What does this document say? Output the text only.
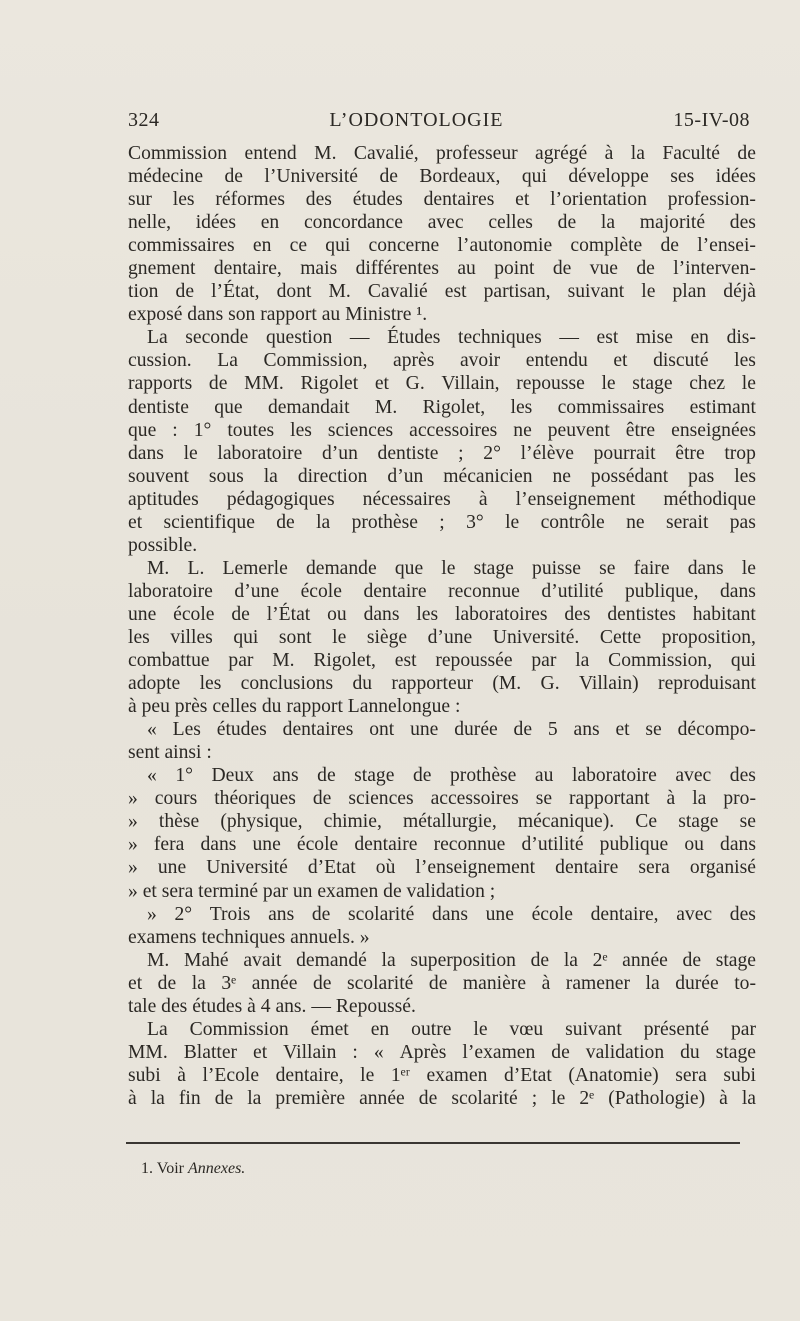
324	L’ODONTOLOGIE	15-IV-08
Commission entend M. Cavalié, professeur agrégé à la Faculté de
médecine de l’Université de Bordeaux, qui développe ses idées
sur les réformes des études dentaires et l’orientation profession-
nelle, idées en concordance avec celles de la majorité des
commissaires en ce qui concerne l’autonomie complète de l’ensei-
gnement dentaire, mais différentes au point de vue de l’interven-
tion de l’État, dont M. Cavalié est partisan, suivant le plan déjà
exposé dans son rapport au Ministre ¹.
La seconde question — Études techniques — est mise en dis-
cussion. La Commission, après avoir entendu et discuté les
rapports de MM. Rigolet et G. Villain, repousse le stage chez le
dentiste que demandait M. Rigolet, les commissaires estimant
que : 1° toutes les sciences accessoires ne peuvent être enseignées
dans le laboratoire d’un dentiste ; 2° l’élève pourrait être trop
souvent sous la direction d’un mécanicien ne possédant pas les
aptitudes pédagogiques nécessaires à l’enseignement méthodique
et scientifique de la prothèse ; 3° le contrôle ne serait pas
possible.
M. L. Lemerle demande que le stage puisse se faire dans le
laboratoire d’une école dentaire reconnue d’utilité publique, dans
une école de l’État ou dans les laboratoires des dentistes habitant
les villes qui sont le siège d’une Université. Cette proposition,
combattue par M. Rigolet, est repoussée par la Commission, qui
adopte les conclusions du rapporteur (M. G. Villain) reproduisant
à peu près celles du rapport Lannelongue :
« Les études dentaires ont une durée de 5 ans et se décompo-
sent ainsi :
« 1° Deux ans de stage de prothèse au laboratoire avec des
» cours théoriques de sciences accessoires se rapportant à la pro-
» thèse (physique, chimie, métallurgie, mécanique). Ce stage se
» fera dans une école dentaire reconnue d’utilité publique ou dans
» une Université d’Etat où l’enseignement dentaire sera organisé
» et sera terminé par un examen de validation ;
» 2° Trois ans de scolarité dans une école dentaire, avec des
examens techniques annuels. »
M. Mahé avait demandé la superposition de la 2ᵉ année de stage
et de la 3ᵉ année de scolarité de manière à ramener la durée to-
tale des études à 4 ans. — Repoussé.
La Commission émet en outre le vœu suivant présenté par
MM. Blatter et Villain : « Après l’examen de validation du stage
subi à l’Ecole dentaire, le 1ᵉʳ examen d’Etat (Anatomie) sera subi
à la fin de la première année de scolarité ; le 2ᵉ (Pathologie) à la
1. Voir Annexes.
